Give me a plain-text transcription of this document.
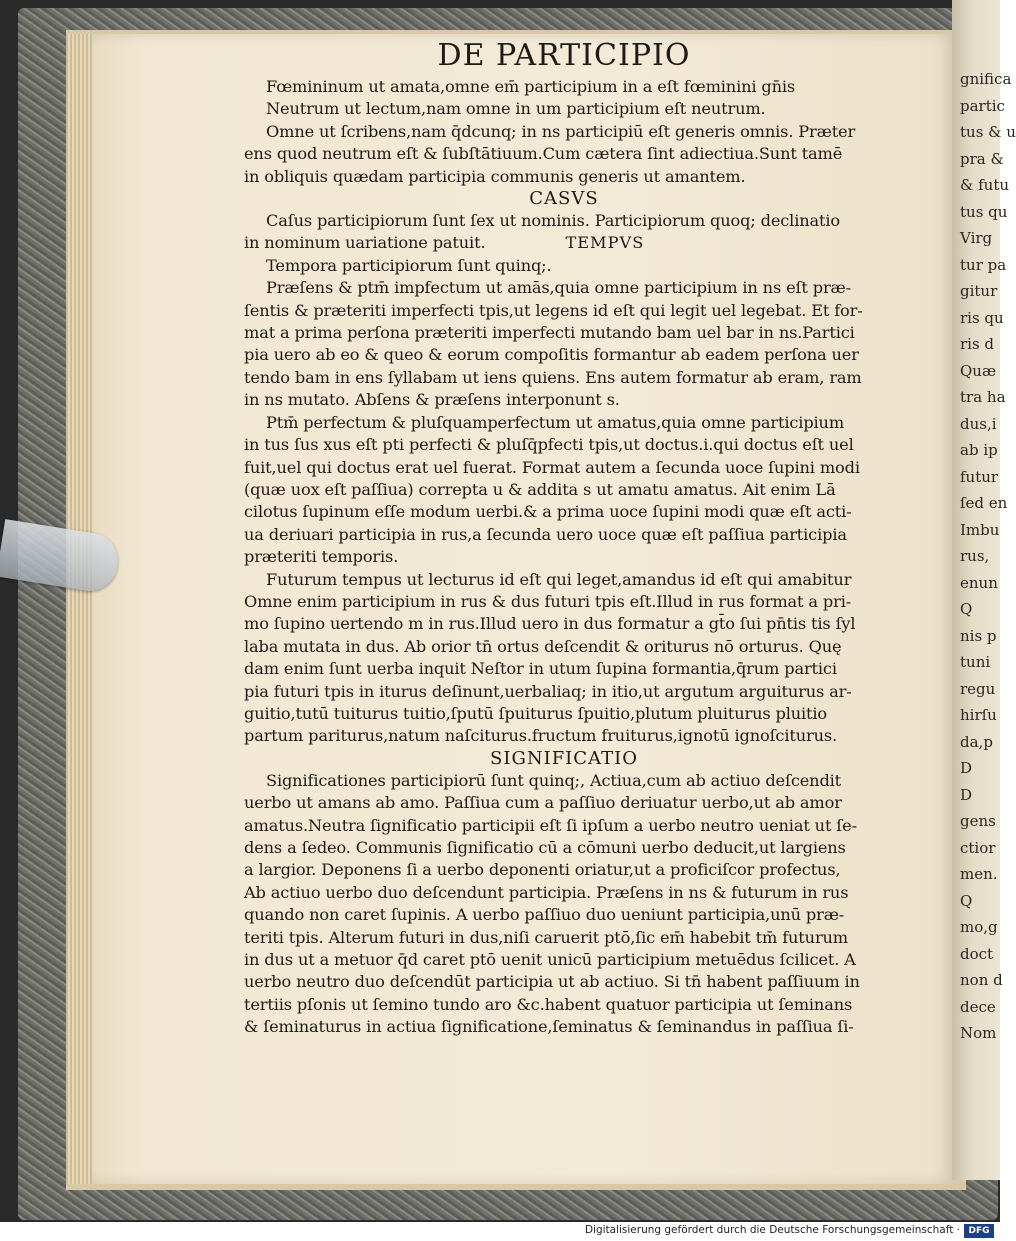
gnifica
partic
tus & u
pra &
& futu
tus qu
Virg
tur pa
gitur
ris qu
ris d
Quæ
tra ha
dus,i
ab ip
futur
ſed en
Imbu
rus,
enun
Q
nis p
tuni
regu
hirſu
da,p
D
D
gens
ctior
men.
Q
mo,g
doct
non d
dece
Nom
DE PARTICIPIO
Fœmininum ut amata,omne em̄ participium in a eſt fœminini gn̄is
Neutrum ut lectum,nam omne in um participium eſt neutrum.
Omne ut ſcribens,nam q̄dcunq; in ns participiū eſt generis omnis. Præter
ens quod neutrum eſt & ſubſtātiuum.Cum cætera ſint adiectiua.Sunt tamē
in obliquis quædam participia communis generis ut amantem.
CASVS
Caſus participiorum ſunt ſex ut nominis. Participiorum quoq; declinatio
in nominum uariatione patuit.	TEMPVS
Tempora participiorum ſunt quinq;.
Præſens & ptm̄ impfectum ut amās,quia omne participium in ns eſt præ-
ſentis & præteriti imperfecti tpis,ut legens id eſt qui legit uel legebat. Et for-
mat a prima perſona præteriti imperfecti mutando bam uel bar in ns.Partici
pia uero ab eo & queo & eorum compoſitis formantur ab eadem perſona uer
tendo bam in ens ſyllabam ut iens quiens. Ens autem formatur ab eram, ram
in ns mutato. Abſens & præſens interponunt s.
Ptm̄ perfectum & pluſquamperfectum ut amatus,quia omne participium
in tus ſus xus eſt pti perfecti & pluſq̄pfecti tpis,ut doctus.i.qui doctus eſt uel
fuit,uel qui doctus erat uel fuerat. Format autem a ſecunda uoce ſupini modi
(quæ uox eſt paſſiua) correpta u & addita s ut amatu amatus. Ait enim Lā
cilotus ſupinum eſſe modum uerbi.& a prima uoce ſupini modi quæ eſt acti-
ua deriuari participia in rus,a ſecunda uero uoce quæ eſt paſſiua participia
præteriti temporis.
Futurum tempus ut lecturus id eſt qui leget,amandus id eſt qui amabitur
Omne enim participium in rus & dus futuri tpis eſt.Illud in rus format a pri-
mo ſupino uertendo m in rus.Illud uero in dus formatur a gt̄o ſui pn̄tis tis ſyl
laba mutata in dus. Ab orior tn̄ ortus deſcendit & oriturus nō orturus. Quę
dam enim ſunt uerba inquit Neſtor in utum ſupina formantia,q̄rum partici
pia futuri tpis in iturus deſinunt,uerbaliaq; in itio,ut argutum arguiturus ar-
guitio,tutū tuiturus tuitio,ſputū ſpuiturus ſpuitio,plutum pluiturus pluitio
partum pariturus,natum naſciturus.fructum fruiturus,ignotū ignoſciturus.
SIGNIFICATIO
Significationes participiorū ſunt quinq;, Actiua,cum ab actiuo deſcendit
uerbo ut amans ab amo. Paſſiua cum a paſſiuo deriuatur uerbo,ut ab amor
amatus.Neutra ſignificatio participii eſt ſi ipſum a uerbo neutro ueniat ut ſe-
dens a ſedeo. Communis ſignificatio cū a cōmuni uerbo deducit,ut largiens
a largior. Deponens ſi a uerbo deponenti oriatur,ut a proficiſcor profectus,
Ab actiuo uerbo duo deſcendunt participia. Præſens in ns & futurum in rus
quando non caret ſupinis. A uerbo paſſiuo duo ueniunt participia,unū præ-
teriti tpis. Alterum futuri in dus,niſi caruerit ptō,ſic em̄ habebit tm̄ futurum
in dus ut a metuor q̄d caret ptō uenit unicū participium metuēdus ſcilicet. A
uerbo neutro duo deſcendūt participia ut ab actiuo. Si tn̄ habent paſſiuum in
tertiis pſonis ut ſemino tundo aro &c.habent quatuor participia ut ſeminans
& ſeminaturus in actiua ſignificatione,ſeminatus & ſeminandus in paſſiua ſi-
Digitalisierung gefördert durch die Deutsche Forschungsgemeinschaft · DFG
